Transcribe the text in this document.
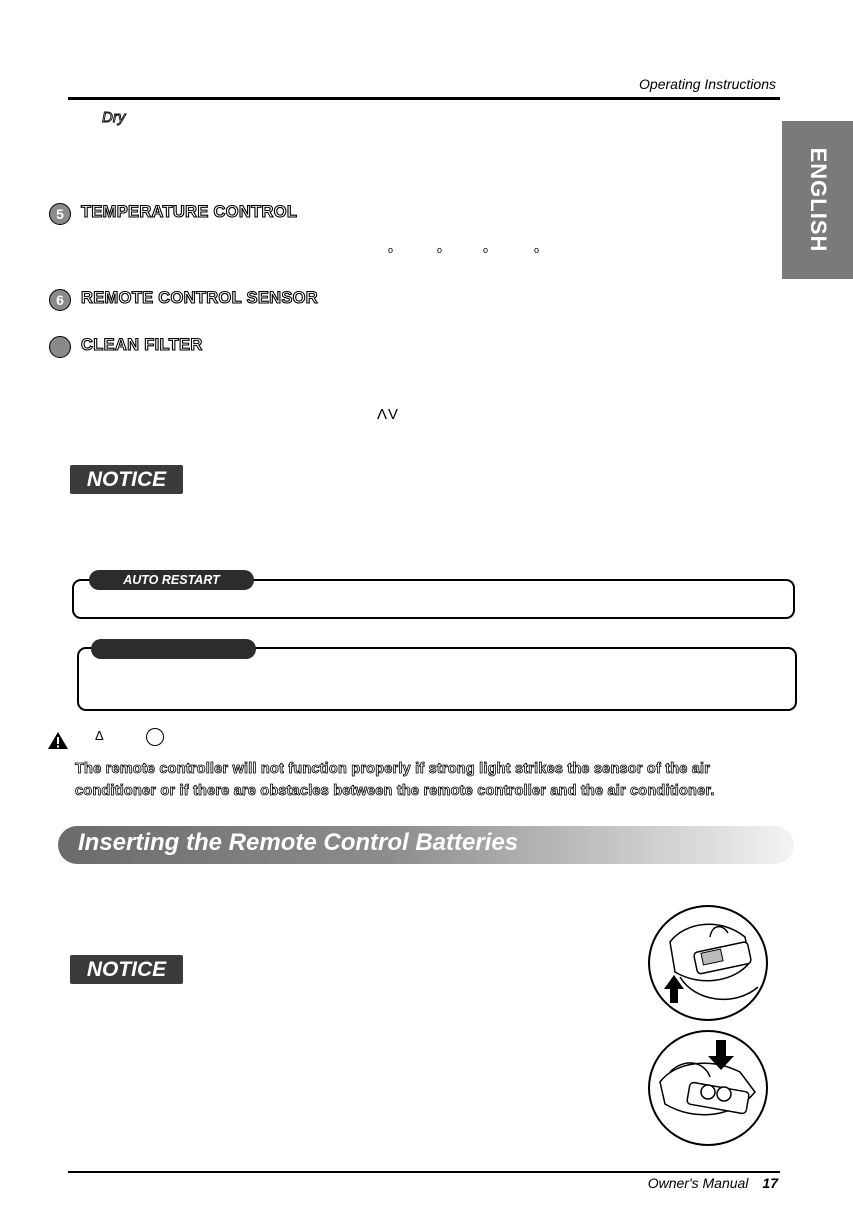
Operating Instructions
Dry
ENGLISH
5	TEMPERATURE CONTROL
o	o	o	o
6	REMOTE CONTROL SENSOR
CLEAN FILTER
ΛV
NOTICE
AUTO RESTART
Δ
The remote controller will not function properly if strong light strikes the sensor of the air conditioner or if there are obstacles between the remote controller and the air conditioner.
Inserting the Remote Control Batteries
NOTICE
Owner's Manual 17
